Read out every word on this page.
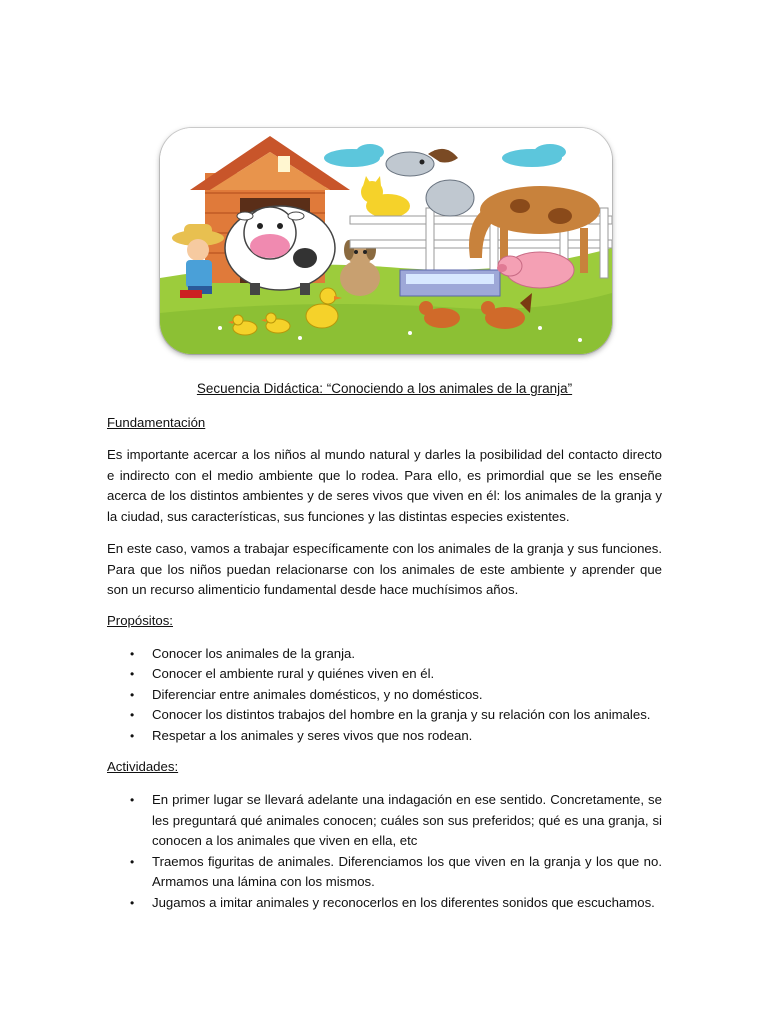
Secuencia Didáctica: “Conociendo a los animales de la granja”

Fundamentación

Es importante acercar a los niños al mundo natural y darles la posibilidad del contacto directo e indirecto con el medio ambiente que lo rodea. Para ello, es primordial que se les enseñe acerca de los distintos ambientes y de seres vivos que viven en él: los animales de la granja y la ciudad, sus características, sus funciones y las distintas especies existentes.

En este caso, vamos a trabajar específicamente con los animales de la granja y sus funciones. Para que los niños puedan relacionarse con los animales de este ambiente y aprender que son un recurso alimenticio fundamental desde hace muchísimos años.

Propósitos:

• Conocer los animales de la granja.
• Conocer el ambiente rural y quiénes viven en él.
• Diferenciar entre animales domésticos, y no domésticos.
• Conocer los distintos trabajos del hombre en la granja y su relación con los animales.
• Respetar a los animales y seres vivos que nos rodean.

Actividades:

• En primer lugar se llevará adelante una indagación en ese sentido. Concretamente, se les preguntará qué animales conocen; cuáles son sus preferidos; qué es una granja, si conocen a los animales que viven en ella, etc
• Traemos figuritas de animales. Diferenciamos los que viven en la granja y los que no. Armamos una lámina con los mismos.
• Jugamos a imitar animales y reconocerlos en los diferentes sonidos que escuchamos.
